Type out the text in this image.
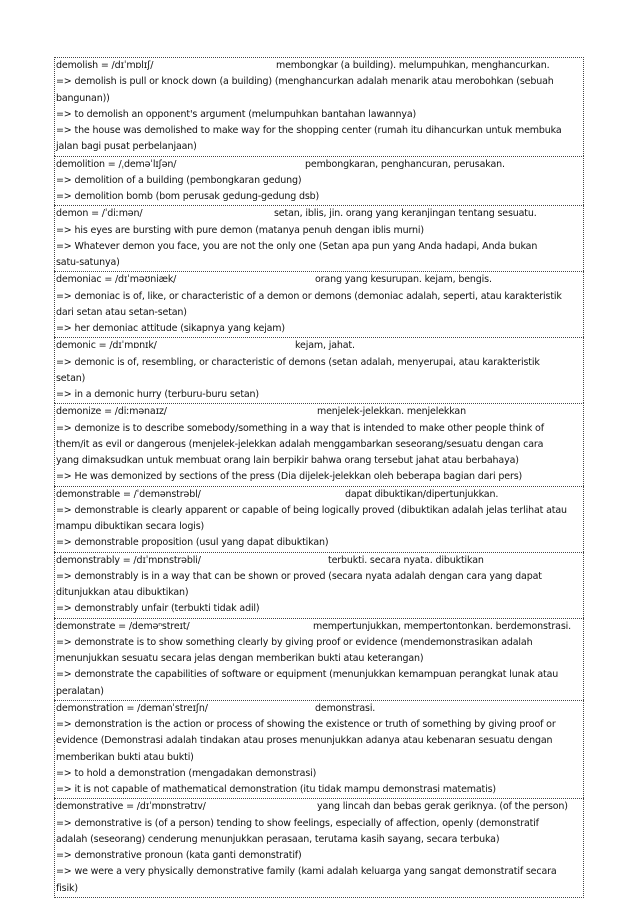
demolish = /dɪˈmɒlɪʃ/	membongkar (a building). melumpuhkan, menghancurkan.
=> demolish is pull or knock down (a building) (menghancurkan adalah menarik atau merobohkan (sebuah
bangunan))
=> to demolish an opponent's argument (melumpuhkan bantahan lawannya)
=> the house was demolished to make way for the shopping center (rumah itu dihancurkan untuk membuka
jalan bagi pusat perbelanjaan)
demolition = /ˌdeməˈlɪʃən/	pembongkaran, penghancuran, perusakan.
=> demolition of a building (pembongkaran gedung)
=> demolition bomb (bom perusak gedung-gedung dsb)
demon = /ˈdiːmən/	setan, iblis, jin. orang yang keranjingan tentang sesuatu.
=> his eyes are bursting with pure demon (matanya penuh dengan iblis murni)
=> Whatever demon you face, you are not the only one (Setan apa pun yang Anda hadapi, Anda bukan
satu-satunya)
demoniac = /dɪˈməʊniæk/	orang yang kesurupan. kejam, bengis.
=> demoniac is of, like, or characteristic of a demon or demons (demoniac adalah, seperti, atau karakteristik
dari setan atau setan-setan)
=> her demoniac attitude (sikapnya yang kejam)
demonic = /dɪˈmɒnɪk/	kejam, jahat.
=> demonic is of, resembling, or characteristic of demons (setan adalah, menyerupai, atau karakteristik
setan)
=> in a demonic hurry (terburu-buru setan)
demonize = /diːmənaɪz/	menjelek-jelekkan. menjelekkan
=> demonize is to describe somebody/something in a way that is intended to make other people think of
them/it as evil or dangerous (menjelek-jelekkan adalah menggambarkan seseorang/sesuatu dengan cara
yang dimaksudkan untuk membuat orang lain berpikir bahwa orang tersebut jahat atau berbahaya)
=> He was demonized by sections of the press (Dia dijelek-jelekkan oleh beberapa bagian dari pers)
demonstrable = /ˈdemənstrəbl/	dapat dibuktikan/dipertunjukkan.
=> demonstrable is clearly apparent or capable of being logically proved (dibuktikan adalah jelas terlihat atau
mampu dibuktikan secara logis)
=> demonstrable proposition (usul yang dapat dibuktikan)
demonstrably = /dɪˈmɒnstrəbli/	terbukti. secara nyata. dibuktikan
=> demonstrably is in a way that can be shown or proved (secara nyata adalah dengan cara yang dapat
ditunjukkan atau dibuktikan)
=> demonstrably unfair (terbukti tidak adil)
demonstrate = /deməⁿstreɪt/	mempertunjukkan, mempertontonkan. berdemonstrasi.
=> demonstrate is to show something clearly by giving proof or evidence (mendemonstrasikan adalah
menunjukkan sesuatu secara jelas dengan memberikan bukti atau keterangan)
=> demonstrate the capabilities of software or equipment (menunjukkan kemampuan perangkat lunak atau
peralatan)
demonstration = /demanˈstreɪʃn/	demonstrasi.
=> demonstration is the action or process of showing the existence or truth of something by giving proof or
evidence (Demonstrasi adalah tindakan atau proses menunjukkan adanya atau kebenaran sesuatu dengan
memberikan bukti atau bukti)
=> to hold a demonstration (mengadakan demonstrasi)
=> it is not capable of mathematical demonstration (itu tidak mampu demonstrasi matematis)
demonstrative = /dɪˈmɒnstrətɪv/	yang lincah dan bebas gerak geriknya. (of the person)
=> demonstrative is (of a person) tending to show feelings, especially of affection, openly (demonstratif
adalah (seseorang) cenderung menunjukkan perasaan, terutama kasih sayang, secara terbuka)
=> demonstrative pronoun (kata ganti demonstratif)
=> we were a very physically demonstrative family (kami adalah keluarga yang sangat demonstratif secara
fisik)
